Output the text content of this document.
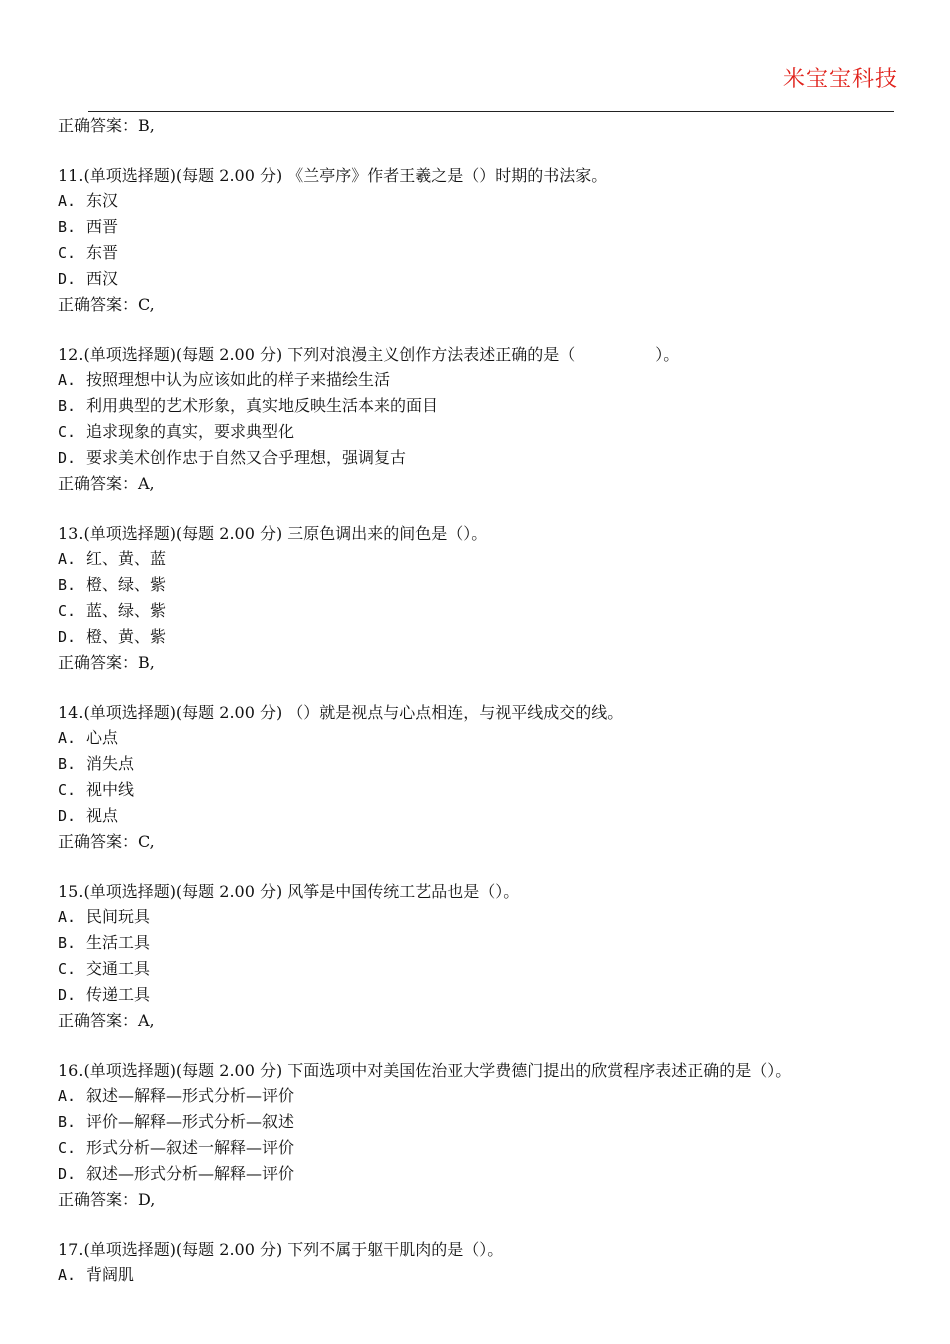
米宝宝科技
正确答案：B,
11.(单项选择题)(每题 2.00 分) 《兰亭序》作者王羲之是（）时期的书法家。
A. 东汉
B. 西晋
C. 东晋
D. 西汉
正确答案：C,
12.(单项选择题)(每题 2.00 分) 下列对浪漫主义创作方法表述正确的是（　　　　　）。
A. 按照理想中认为应该如此的样子来描绘生活
B. 利用典型的艺术形象，真实地反映生活本来的面目
C. 追求现象的真实，要求典型化
D. 要求美术创作忠于自然又合乎理想，强调复古
正确答案：A,
13.(单项选择题)(每题 2.00 分) 三原色调出来的间色是（）。
A. 红、黄、蓝
B. 橙、绿、紫
C. 蓝、绿、紫
D. 橙、黄、紫
正确答案：B,
14.(单项选择题)(每题 2.00 分) （）就是视点与心点相连，与视平线成交的线。
A. 心点
B. 消失点
C. 视中线
D. 视点
正确答案：C,
15.(单项选择题)(每题 2.00 分) 风筝是中国传统工艺品也是（）。
A. 民间玩具
B. 生活工具
C. 交通工具
D. 传递工具
正确答案：A,
16.(单项选择题)(每题 2.00 分) 下面选项中对美国佐治亚大学费德门提出的欣赏程序表述正确的是（）。
A. 叙述—解释—形式分析—评价
B. 评价—解释—形式分析—叙述
C. 形式分析—叙述一解释—评价
D. 叙述—形式分析—解释—评价
正确答案：D,
17.(单项选择题)(每题 2.00 分) 下列不属于躯干肌肉的是（）。
A. 背阔肌
